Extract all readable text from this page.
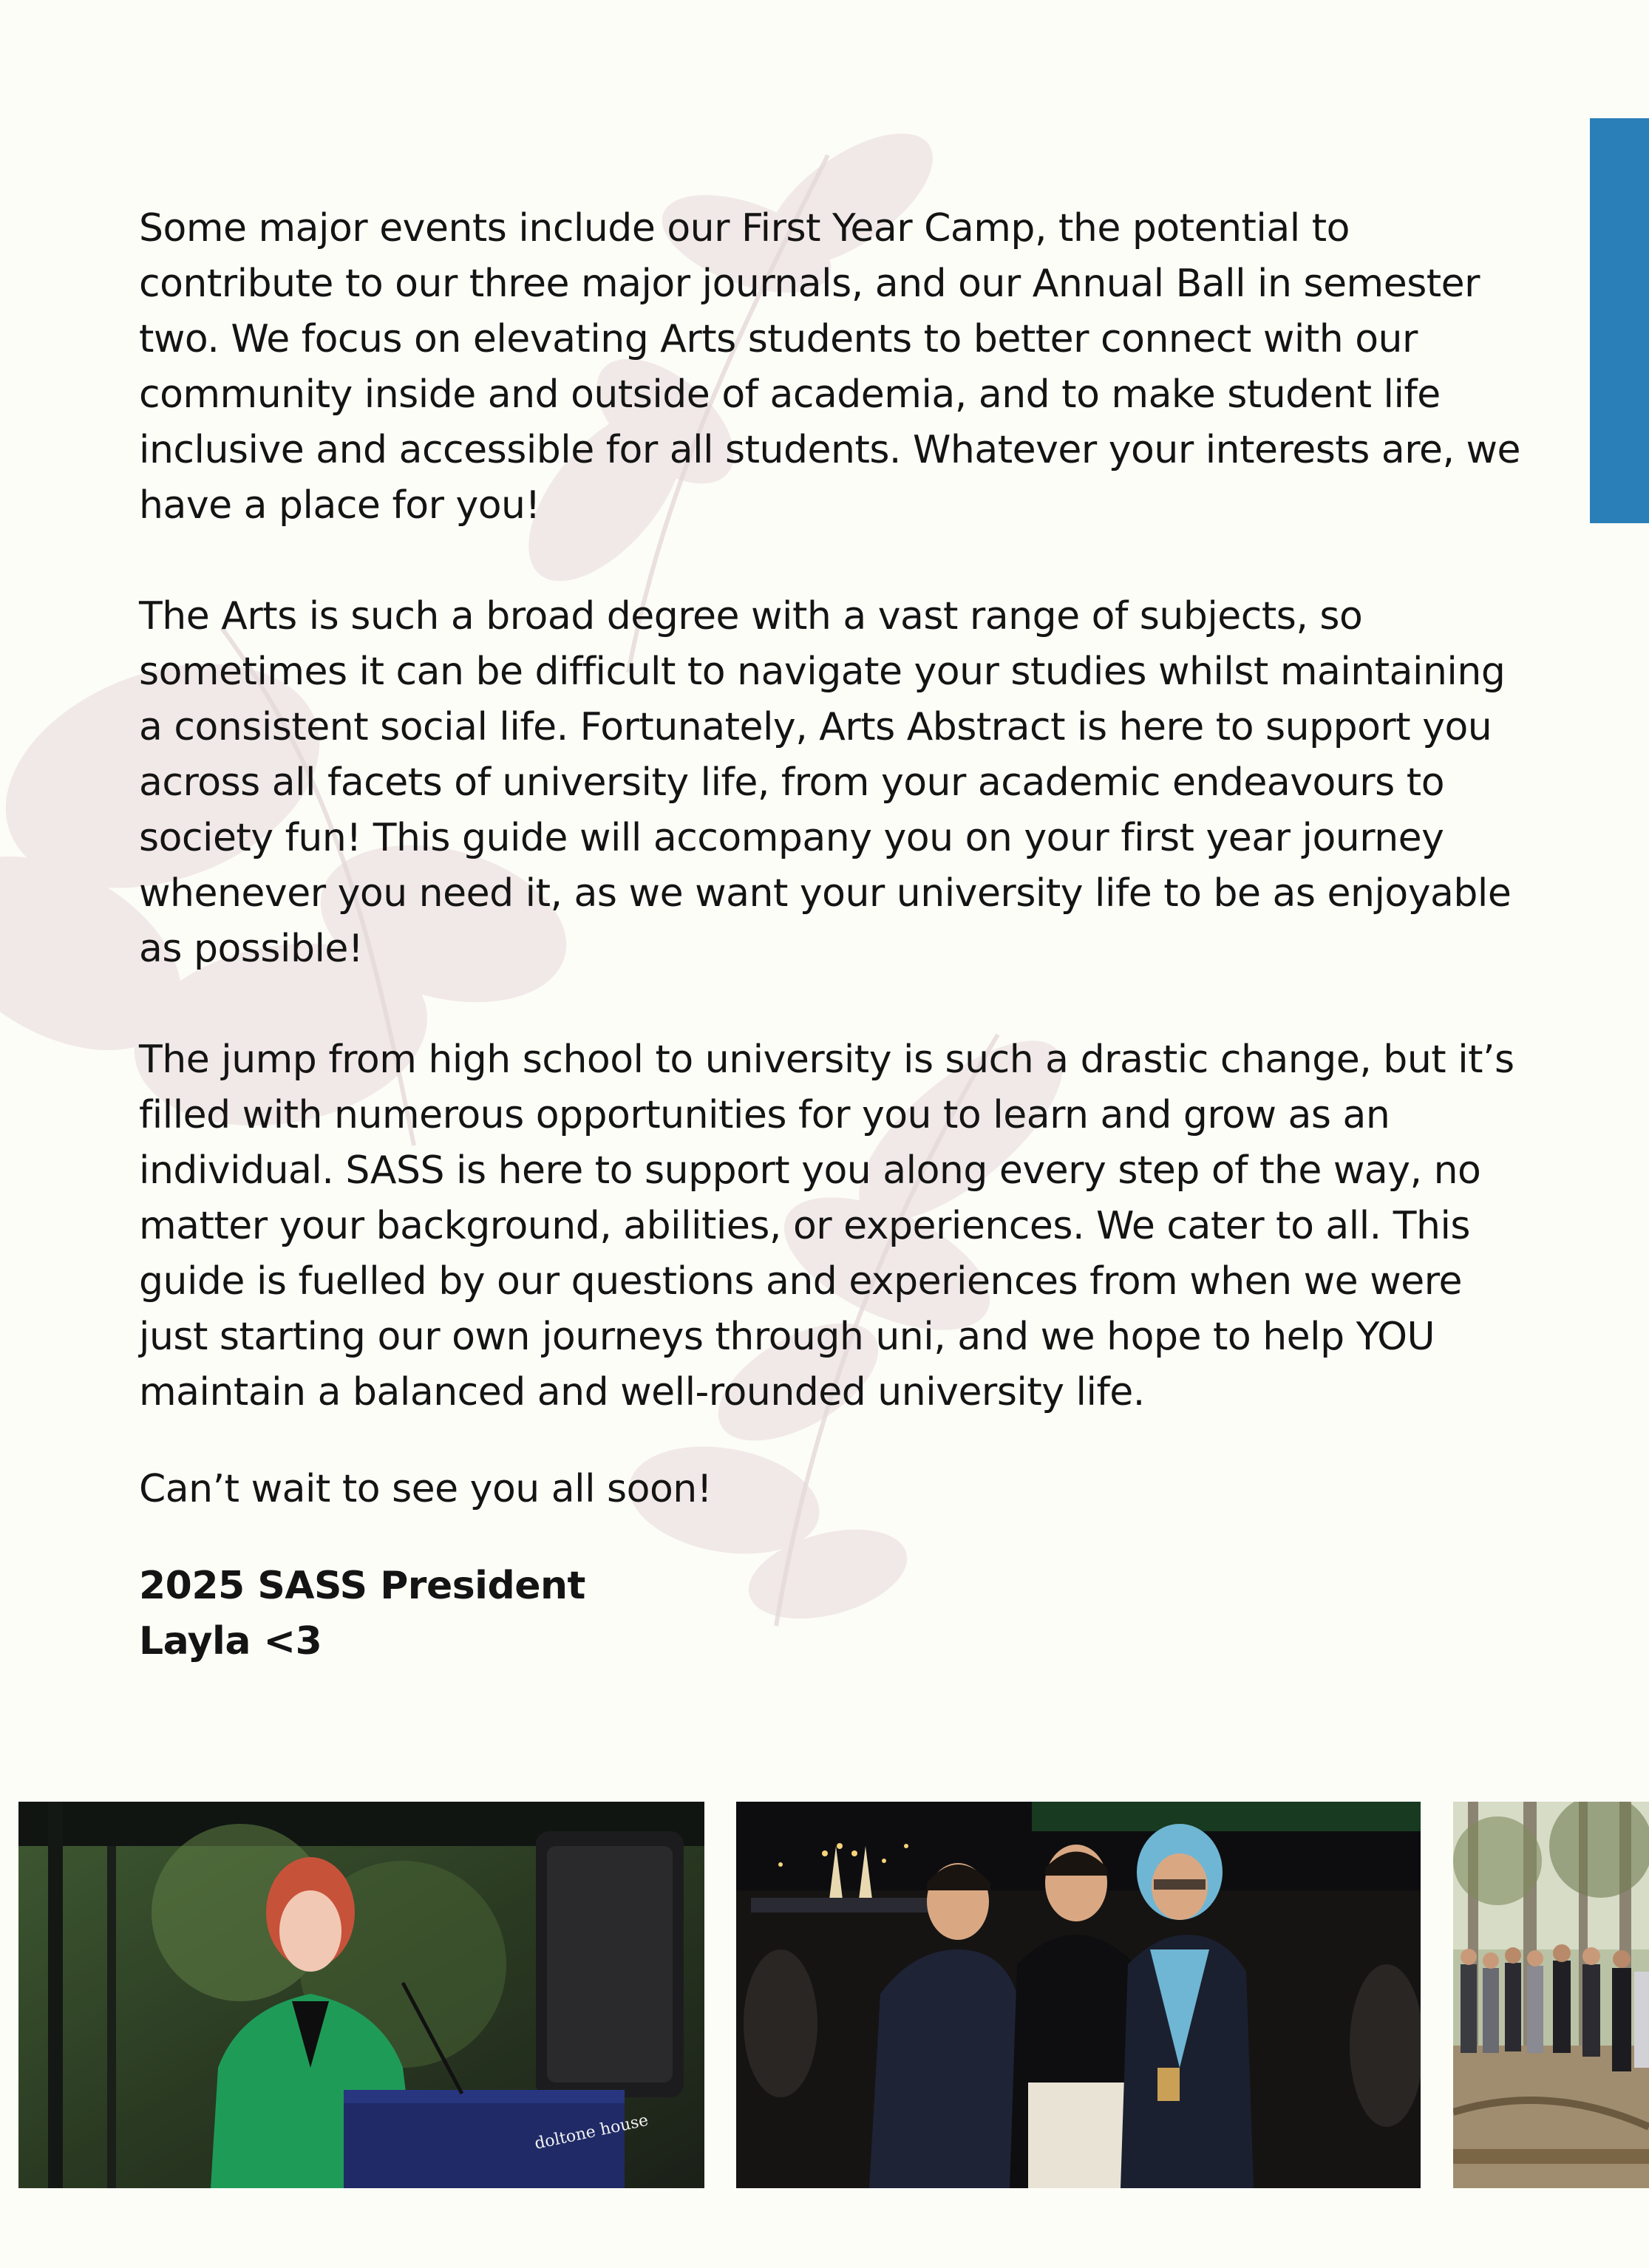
Some major events include our First Year Camp, the potential to contribute to our three major journals, and our Annual Ball in semester two. We focus on elevating Arts students to better connect with our community inside and outside of academia, and to make student life inclusive and accessible for all students. Whatever your interests are, we have a place for you!

The Arts is such a broad degree with a vast range of subjects, so sometimes it can be difficult to navigate your studies whilst maintaining a consistent social life. Fortunately, Arts Abstract is here to support you across all facets of university life, from your academic endeavours to society fun! This guide will accompany you on your first year journey whenever you need it, as we want your university life to be as enjoyable as possible!

The jump from high school to university is such a drastic change, but it’s filled with numerous opportunities for you to learn and grow as an individual. SASS is here to support you along every step of the way, no matter your background, abilities, or experiences. We cater to all. This guide is fuelled by our questions and experiences from when we were just starting our own journeys through uni, and we hope to help YOU maintain a balanced and well-rounded university life.

Can’t wait to see you all soon!

2025 SASS President

Layla <3

doltone house
